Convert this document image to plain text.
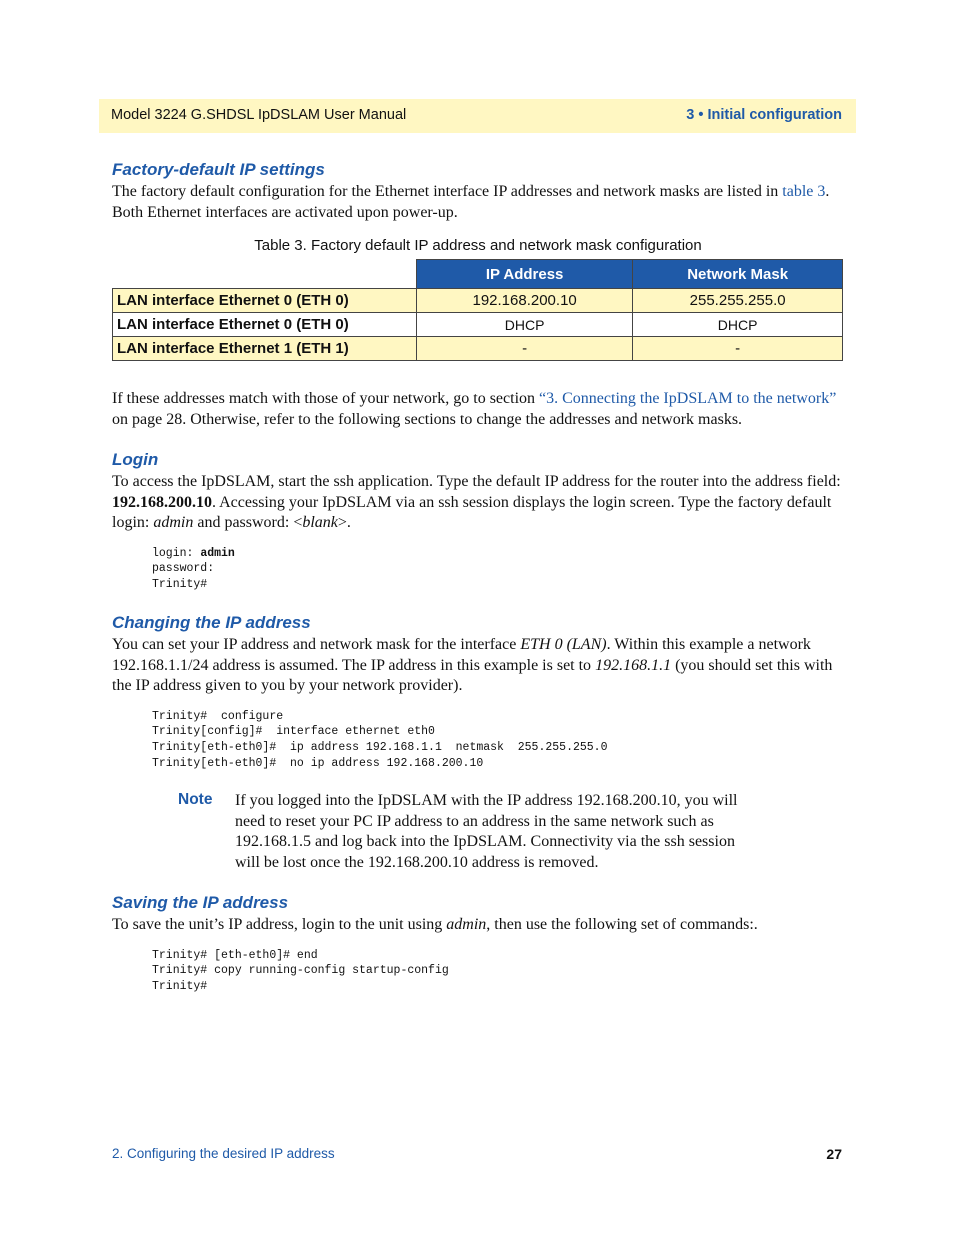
Model 3224 G.SHDSL IpDSLAM User Manual	3 • Initial configuration
Factory-default IP settings

The factory default configuration for the Ethernet interface IP addresses and network masks are listed in table 3. Both Ethernet interfaces are activated upon power-up.

Table 3. Factory default IP address and network mask configuration
	IP Address	Network Mask
LAN interface Ethernet 0 (ETH 0)	192.168.200.10	255.255.255.0
LAN interface Ethernet 0 (ETH 0)	DHCP	DHCP
LAN interface Ethernet 1 (ETH 1)	-	-

If these addresses match with those of your network, go to section “3. Connecting the IpDSLAM to the network” on page 28. Otherwise, refer to the following sections to change the addresses and network masks.

Login

To access the IpDSLAM, start the ssh application. Type the default IP address for the router into the address field: 192.168.200.10. Accessing your IpDSLAM via an ssh session displays the login screen. Type the factory default login: admin and password: <blank>.

login: admin
password:
Trinity#
Changing the IP address

You can set your IP address and network mask for the interface ETH 0 (LAN). Within this example a network 192.168.1.1/24 address is assumed. The IP address in this example is set to 192.168.1.1 (you should set this with the IP address given to you by your network provider).

Trinity#  configure
Trinity[config]#  interface ethernet eth0
Trinity[eth-eth0]#  ip address 192.168.1.1  netmask  255.255.255.0
Trinity[eth-eth0]#  no ip address 192.168.200.10
Note If you logged into the IpDSLAM with the IP address 192.168.200.10, you will need to reset your PC IP address to an address in the same network such as 192.168.1.5 and log back into the IpDSLAM. Connectivity via the ssh session will be lost once the 192.168.200.10 address is removed.

Saving the IP address

To save the unit’s IP address, login to the unit using admin, then use the following set of commands:.

Trinity# [eth-eth0]# end
Trinity# copy running-config startup-config
Trinity#
2. Configuring the desired IP address	27
